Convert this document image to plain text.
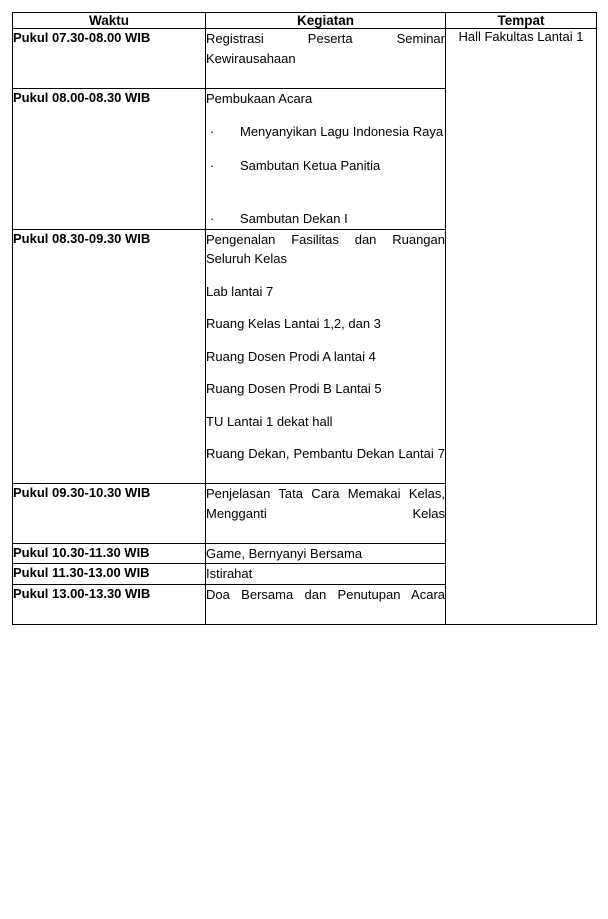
Waktu	Kegiatan	Tempat
Pukul 07.30-08.00 WIB	Registrasi Peserta Seminar Kewirausahaan	Hall Fakultas Lantai 1
Pukul 08.00-08.30 WIB	Pembukaan Acara

·	Menyanyikan Lagu Indonesia Raya
·	Sambutan Ketua Panitia
·	Sambutan Dekan I

Pukul 08.30-09.30 WIB	Pengenalan Fasilitas dan Ruangan Seluruh Kelas

Lab lantai 7

Ruang Kelas Lantai 1,2, dan 3

Ruang Dosen Prodi A lantai 4

Ruang Dosen Prodi B Lantai 5

TU Lantai 1 dekat hall

Ruang Dekan, Pembantu Dekan Lantai 7

Pukul 09.30-10.30 WIB	Penjelasan Tata Cara Memakai Kelas, Mengganti Kelas	

Pukul 10.30-11.30 WIB	Game, Bernyanyi Bersama	

Pukul 11.30-13.00 WIB	Istirahat	

Pukul 13.00-13.30 WIB	Doa Bersama dan Penutupan Acara	
